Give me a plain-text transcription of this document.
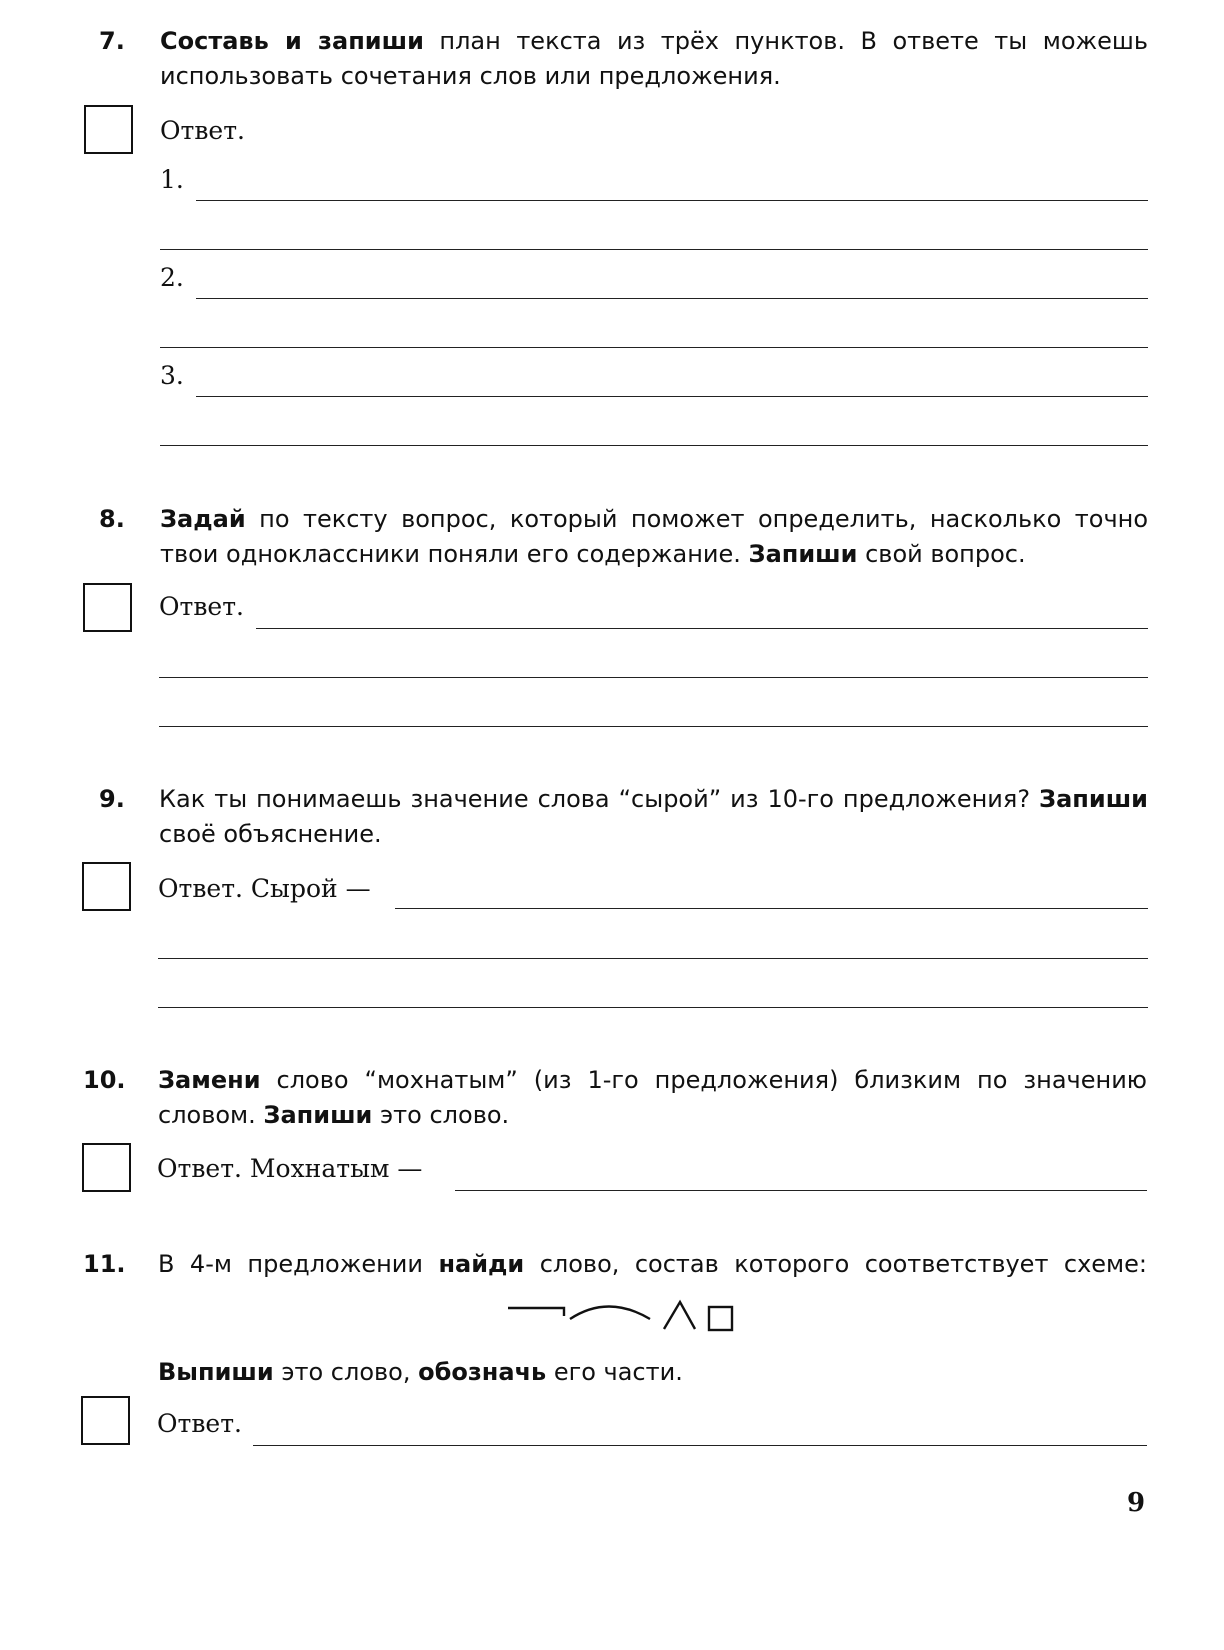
7. Составь и запиши план текста из трёх пунктов. В ответе ты можешь
использовать сочетания слов или предложения.
Ответ.
1.
2.
3.
8. Задай по тексту вопрос, который поможет определить, насколько точно
твои одноклассники поняли его содержание. Запиши свой вопрос.
Ответ.
9. Как ты понимаешь значение слова “сырой” из 10-го предложения? Запиши
своё объяснение.
Ответ. Сырой —
10. Замени слово “мохнатым” (из 1-го предложения) близким по значению
словом. Запиши это слово.
Ответ. Мохнатым —
11. В 4-м предложении найди слово, состав которого соответствует схеме:
Выпиши это слово, обозначь его части.
Ответ.
9
